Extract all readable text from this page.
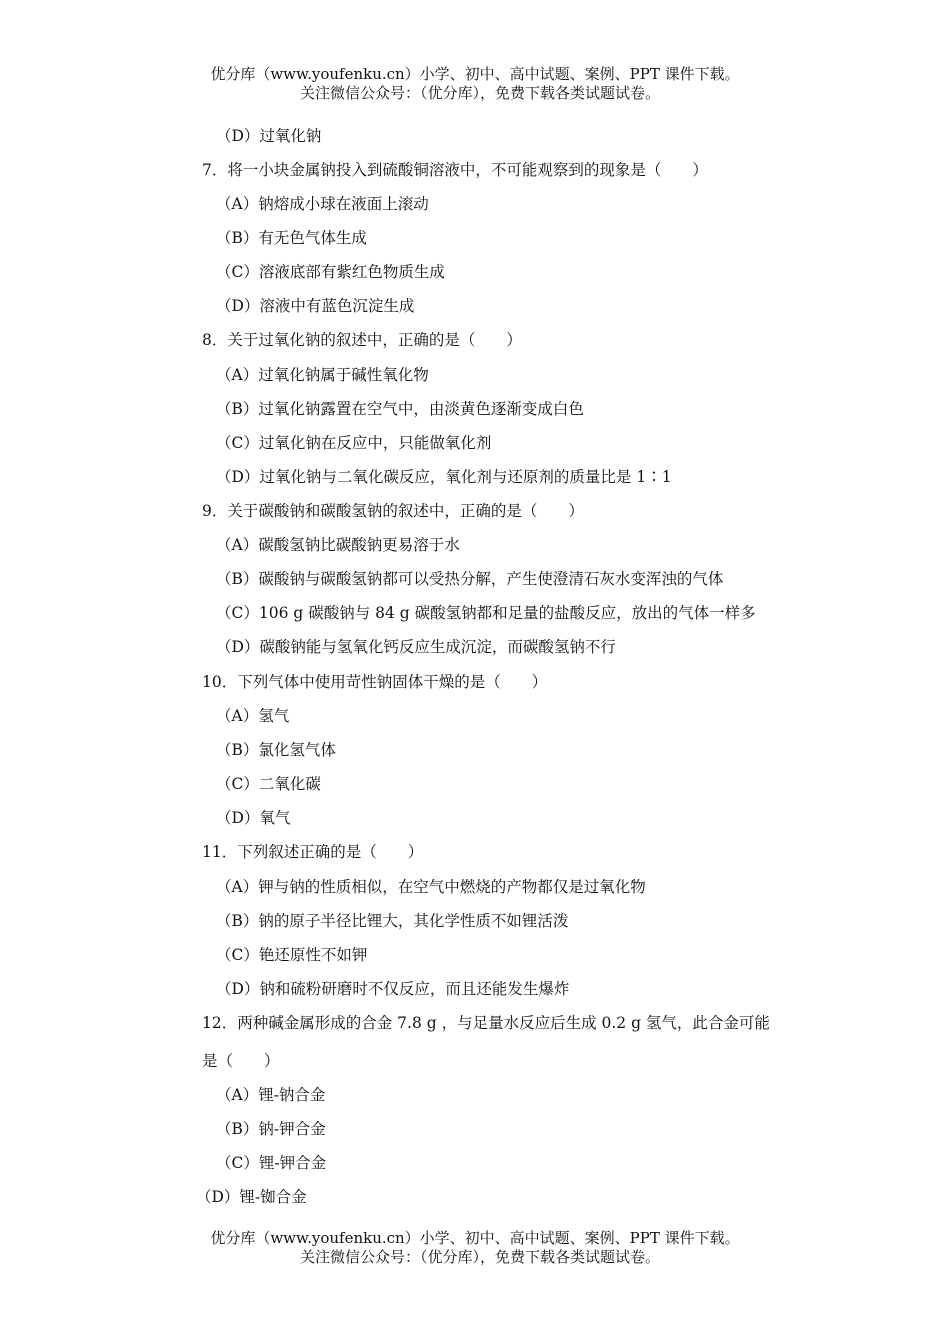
优分库（www.youfenku.cn）小学、初中、高中试题、案例、PPT 课件下载。
关注微信公众号：（优分库），免费下载各类试题试卷。
（D）过氧化钠
7．将一小块金属钠投入到硫酸铜溶液中，不可能观察到的现象是（　　）
（A）钠熔成小球在液面上滚动
（B）有无色气体生成
（C）溶液底部有紫红色物质生成
（D）溶液中有蓝色沉淀生成
8．关于过氧化钠的叙述中，正确的是（　　）
（A）过氧化钠属于碱性氧化物
（B）过氧化钠露置在空气中，由淡黄色逐渐变成白色
（C）过氧化钠在反应中，只能做氧化剂
（D）过氧化钠与二氧化碳反应，氧化剂与还原剂的质量比是 1∶1
9．关于碳酸钠和碳酸氢钠的叙述中，正确的是（　　）
（A）碳酸氢钠比碳酸钠更易溶于水
（B）碳酸钠与碳酸氢钠都可以受热分解，产生使澄清石灰水变浑浊的气体
（C）106 g 碳酸钠与 84 g 碳酸氢钠都和足量的盐酸反应，放出的气体一样多
（D）碳酸钠能与氢氧化钙反应生成沉淀，而碳酸氢钠不行
10．下列气体中使用苛性钠固体干燥的是（　　）
（A）氢气
（B）氯化氢气体
（C）二氧化碳
（D）氧气
11．下列叙述正确的是（　　）
（A）钾与钠的性质相似，在空气中燃烧的产物都仅是过氧化物
（B）钠的原子半径比锂大，其化学性质不如锂活泼
（C）铯还原性不如钾
（D）钠和硫粉研磨时不仅反应，而且还能发生爆炸
12．两种碱金属形成的合金 7.8 g ，与足量水反应后生成 0.2 g 氢气，此合金可能
是（　　）
（A）锂-钠合金
（B）钠-钾合金
（C）锂-钾合金
（D）锂-铷合金
优分库（www.youfenku.cn）小学、初中、高中试题、案例、PPT 课件下载。
关注微信公众号：（优分库），免费下载各类试题试卷。
